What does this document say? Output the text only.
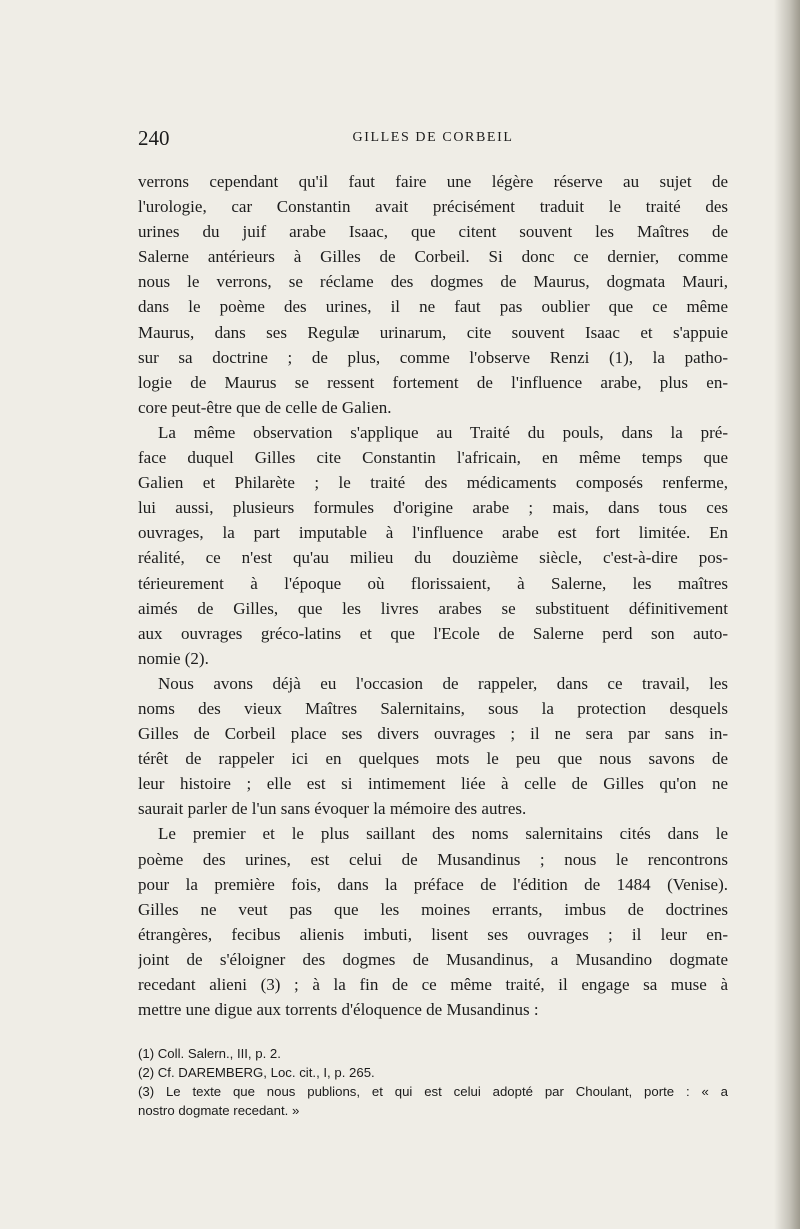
240	GILLES DE CORBEIL
verrons cependant qu'il faut faire une légère réserve au sujet de
l'urologie, car Constantin avait précisément traduit le traité des
urines du juif arabe Isaac, que citent souvent les Maîtres de
Salerne antérieurs à Gilles de Corbeil. Si donc ce dernier, comme
nous le verrons, se réclame des dogmes de Maurus, dogmata Mauri,
dans le poème des urines, il ne faut pas oublier que ce même
Maurus, dans ses Regulæ urinarum, cite souvent Isaac et s'appuie
sur sa doctrine ; de plus, comme l'observe Renzi (1), la patho-
logie de Maurus se ressent fortement de l'influence arabe, plus en-
core peut-être que de celle de Galien.
La même observation s'applique au Traité du pouls, dans la pré-
face duquel Gilles cite Constantin l'africain, en même temps que
Galien et Philarète ; le traité des médicaments composés renferme,
lui aussi, plusieurs formules d'origine arabe ; mais, dans tous ces
ouvrages, la part imputable à l'influence arabe est fort limitée. En
réalité, ce n'est qu'au milieu du douzième siècle, c'est-à-dire pos-
térieurement à l'époque où florissaient, à Salerne, les maîtres
aimés de Gilles, que les livres arabes se substituent définitivement
aux ouvrages gréco-latins et que l'Ecole de Salerne perd son auto-
nomie (2).
Nous avons déjà eu l'occasion de rappeler, dans ce travail, les
noms des vieux Maîtres Salernitains, sous la protection desquels
Gilles de Corbeil place ses divers ouvrages ; il ne sera par sans in-
térêt de rappeler ici en quelques mots le peu que nous savons de
leur histoire ; elle est si intimement liée à celle de Gilles qu'on ne
saurait parler de l'un sans évoquer la mémoire des autres.
Le premier et le plus saillant des noms salernitains cités dans le
poème des urines, est celui de Musandinus ; nous le rencontrons
pour la première fois, dans la préface de l'édition de 1484 (Venise).
Gilles ne veut pas que les moines errants, imbus de doctrines
étrangères, fecibus alienis imbuti, lisent ses ouvrages ; il leur en-
joint de s'éloigner des dogmes de Musandinus, a Musandino dogmate
recedant alieni (3) ; à la fin de ce même traité, il engage sa muse à
mettre une digue aux torrents d'éloquence de Musandinus :
(1) Coll. Salern., III, p. 2.
(2) Cf. DAREMBERG, Loc. cit., I, p. 265.
(3) Le texte que nous publions, et qui est celui adopté par Choulant, porte : « a
nostro dogmate recedant. »
